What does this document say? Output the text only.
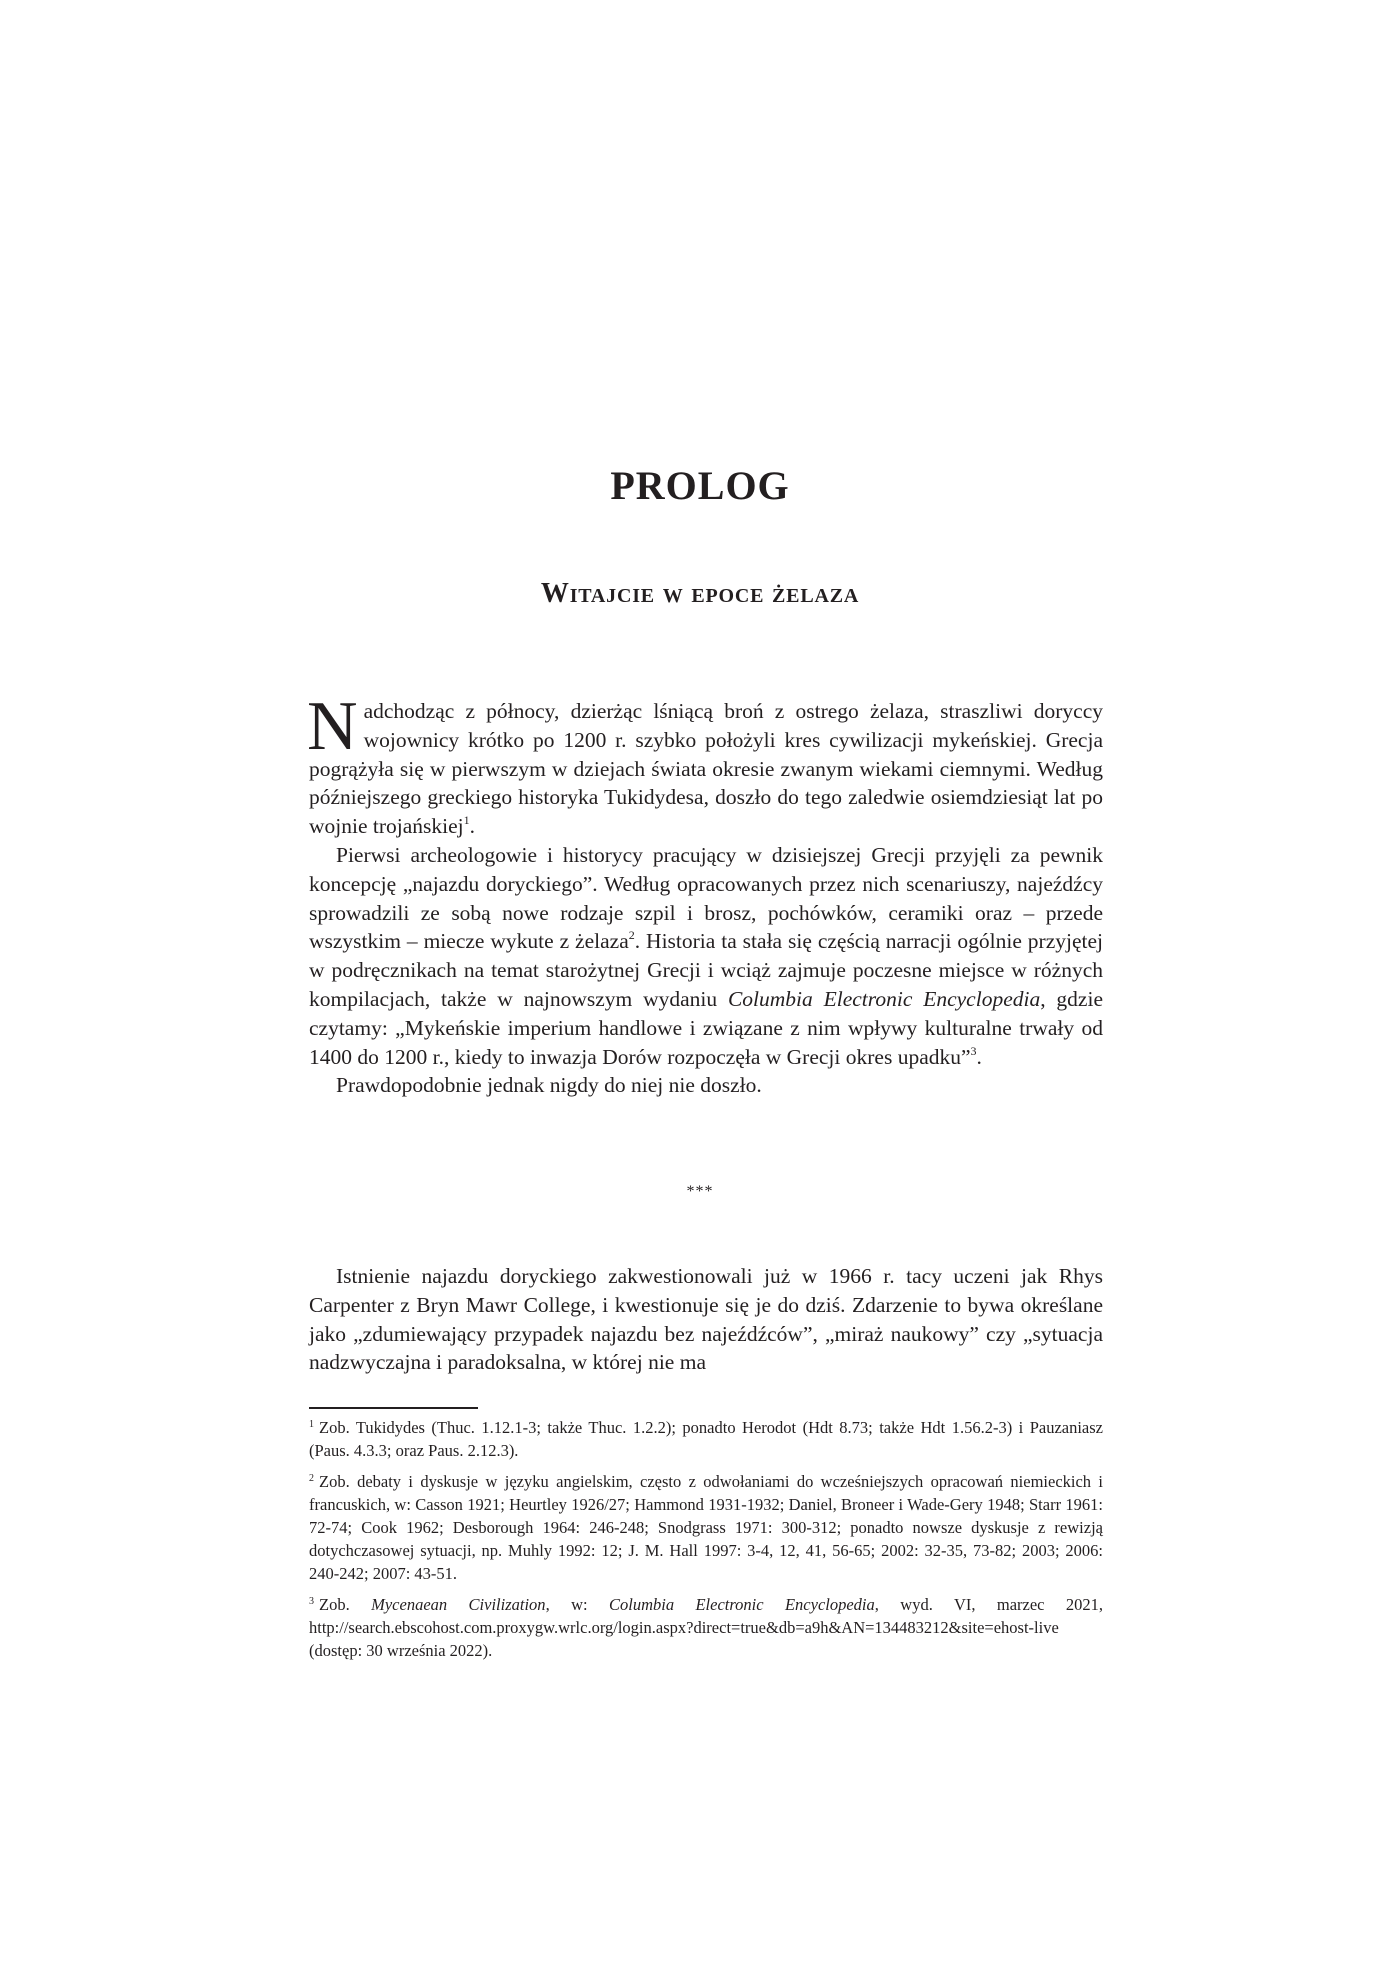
PROLOG
Witajcie w epoce żelaza

Nadchodząc z północy, dzierżąc lśniącą broń z ostrego żelaza, straszliwi doryccy wojownicy krótko po 1200 r. szybko położyli kres cywilizacji mykeńskiej. Grecja pogrążyła się w pierwszym w dziejach świata okresie zwanym wiekami ciemnymi. Według późniejszego greckiego historyka Tukidydesa, doszło do tego zaledwie osiemdziesiąt lat po wojnie trojańskiej$^1$.

Pierwsi archeologowie i historycy pracujący w dzisiejszej Grecji przyjęli za pewnik koncepcję „najazdu doryckiego”. Według opracowanych przez nich scenariuszy, najeźdźcy sprowadzili ze sobą nowe rodzaje szpil i brosz, pochówków, ceramiki oraz – przede wszystkim – miecze wykute z żelaza$^2$. Historia ta stała się częścią narracji ogólnie przyjętej w podręcznikach na temat starożytnej Grecji i wciąż zajmuje poczesne miejsce w różnych kompilacjach, także w najnowszym wydaniu Columbia Electronic Encyclopedia, gdzie czytamy: „Mykeńskie imperium handlowe i związane z nim wpływy kulturalne trwały od 1400 do 1200 r., kiedy to inwazja Dorów rozpoczęła w Grecji okres upadku”$^3$.

Prawdopodobnie jednak nigdy do niej nie doszło.

***

Istnienie najazdu doryckiego zakwestionowali już w 1966 r. tacy uczeni jak Rhys Carpenter z Bryn Mawr College, i kwestionuje się je do dziś. Zdarzenie to bywa określane jako „zdumiewający przypadek najazdu bez najeźdźców”, „miraż naukowy” czy „sytuacja nadzwyczajna i paradoksalna, w której nie ma

$^1$ Zob. Tukidydes (Thuc. 1.12.1-3; także Thuc. 1.2.2); ponadto Herodot (Hdt 8.73; także Hdt 1.56.2-3) i Pauzaniasz (Paus. 4.3.3; oraz Paus. 2.12.3).

$^2$ Zob. debaty i dyskusje w języku angielskim, często z odwołaniami do wcześniejszych opracowań niemieckich i francuskich, w: Casson 1921; Heurtley 1926/27; Hammond 1931-1932; Daniel, Broneer i Wade-Gery 1948; Starr 1961: 72-74; Cook 1962; Desborough 1964: 246-248; Snodgrass 1971: 300-312; ponadto nowsze dyskusje z rewizją dotychczasowej sytuacji, np. Muhly 1992: 12; J. M. Hall 1997: 3-4, 12, 41, 56-65; 2002: 32-35, 73-82; 2003; 2006: 240-242; 2007: 43-51.

$^3$ Zob. Mycenaean Civilization, w: Columbia Electronic Encyclopedia, wyd. VI, marzec 2021, http://search.ebscohost.com.proxygw.wrlc.org/login.aspx?direct=true&db=a9h&AN=134483212&site=ehost-live (dostęp: 30 września 2022).
